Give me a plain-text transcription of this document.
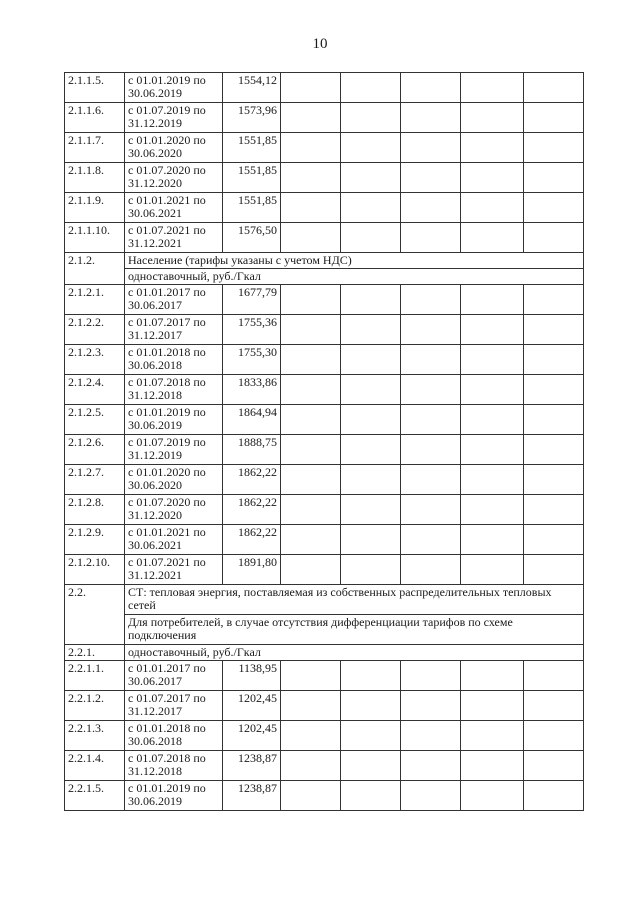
10
2.1.1.5.	с 01.01.2019 по 30.06.2019	1554,12					
2.1.1.6.	с 01.07.2019 по 31.12.2019	1573,96					
2.1.1.7.	с 01.01.2020 по 30.06.2020	1551,85					
2.1.1.8.	с 01.07.2020 по 31.12.2020	1551,85					
2.1.1.9.	с 01.01.2021 по 30.06.2021	1551,85					
2.1.1.10.	с 01.07.2021 по 31.12.2021	1576,50					
2.1.2.	Население (тарифы указаны с учетом НДС)						
	одноставочный, руб./Гкал						
2.1.2.1.	с 01.01.2017 по 30.06.2017	1677,79					
2.1.2.2.	с 01.07.2017 по 31.12.2017	1755,36					
2.1.2.3.	с 01.01.2018 по 30.06.2018	1755,30					
2.1.2.4.	с 01.07.2018 по 31.12.2018	1833,86					
2.1.2.5.	с 01.01.2019 по 30.06.2019	1864,94					
2.1.2.6.	с 01.07.2019 по 31.12.2019	1888,75					
2.1.2.7.	с 01.01.2020 по 30.06.2020	1862,22					
2.1.2.8.	с 01.07.2020 по 31.12.2020	1862,22					
2.1.2.9.	с 01.01.2021 по 30.06.2021	1862,22					
2.1.2.10.	с 01.07.2021 по 31.12.2021	1891,80					
2.2.	СТ: тепловая энергия, поставляемая из собственных распределительных тепловых сетей						
	Для потребителей, в случае отсутствия дифференциации тарифов по схеме подключения						
2.2.1.	одноставочный, руб./Гкал						
2.2.1.1.	с 01.01.2017 по 30.06.2017	1138,95					
2.2.1.2.	с 01.07.2017 по 31.12.2017	1202,45					
2.2.1.3.	с 01.01.2018 по 30.06.2018	1202,45					
2.2.1.4.	с 01.07.2018 по 31.12.2018	1238,87					
2.2.1.5.	с 01.01.2019 по 30.06.2019	1238,87					
